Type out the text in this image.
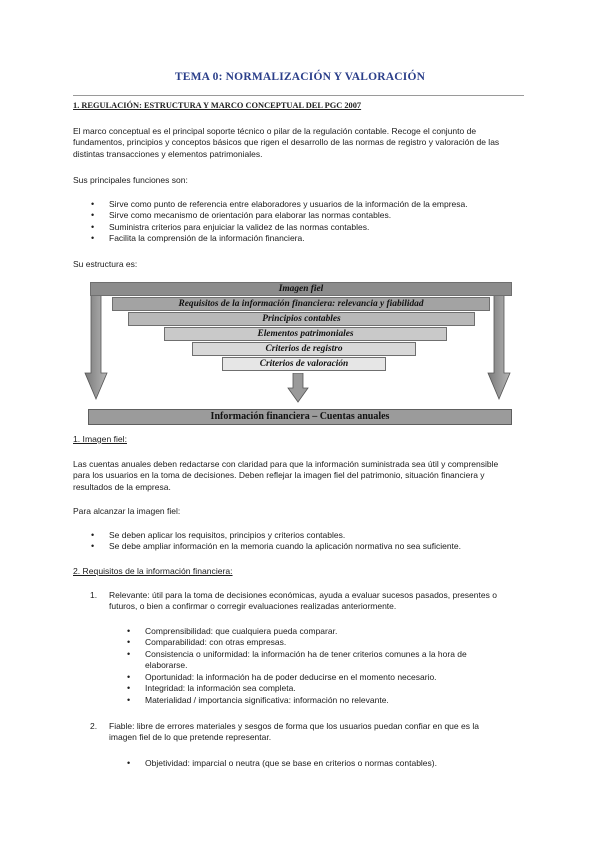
TEMA 0: NORMALIZACIÓN Y VALORACIÓN
1. REGULACIÓN: ESTRUCTURA Y MARCO CONCEPTUAL DEL PGC 2007
El marco conceptual es el principal soporte técnico o pilar de la regulación contable. Recoge el conjunto de
fundamentos, principios y conceptos básicos que rigen el desarrollo de las normas de registro y valoración de las
distintas transacciones y elementos patrimoniales.
Sus principales funciones son:
• Sirve como punto de referencia entre elaboradores y usuarios de la información de la empresa.
• Sirve como mecanismo de orientación para elaborar las normas contables.
• Suministra criterios para enjuiciar la validez de las normas contables.
• Facilita la comprensión de la información financiera.
Su estructura es:
Imagen fiel
Requisitos de la información financiera: relevancia y fiabilidad
Principios contables
Elementos patrimoniales
Criterios de registro
Criterios de valoración
Información financiera – Cuentas anuales
1. Imagen fiel:
Las cuentas anuales deben redactarse con claridad para que la información suministrada sea útil y comprensible
para los usuarios en la toma de decisiones. Deben reflejar la imagen fiel del patrimonio, situación financiera y
resultados de la empresa.
Para alcanzar la imagen fiel:
• Se deben aplicar los requisitos, principios y criterios contables.
• Se debe ampliar información en la memoria cuando la aplicación normativa no sea suficiente.
2. Requisitos de la información financiera:
1. Relevante: útil para la toma de decisiones económicas, ayuda a evaluar sucesos pasados, presentes o
futuros, o bien a confirmar o corregir evaluaciones realizadas anteriormente.
• Comprensibilidad: que cualquiera pueda comparar.
• Comparabilidad: con otras empresas.
• Consistencia o uniformidad: la información ha de tener criterios comunes a la hora de
elaborarse.
• Oportunidad: la información ha de poder deducirse en el momento necesario.
• Integridad: la información sea completa.
• Materialidad / importancia significativa: información no relevante.
2. Fiable: libre de errores materiales y sesgos de forma que los usuarios puedan confiar en que es la
imagen fiel de lo que pretende representar.
• Objetividad: imparcial o neutra (que se base en criterios o normas contables).
